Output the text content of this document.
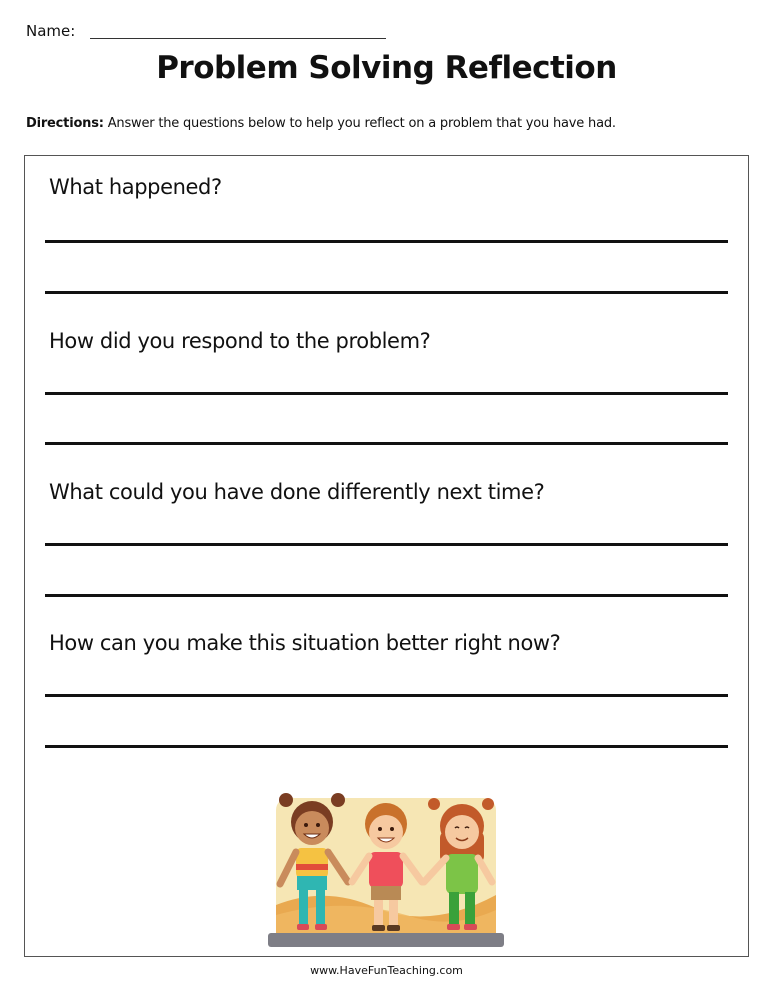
Name:
Problem Solving Reflection
Directions: Answer the questions below to help you reflect on a problem that you have had.
What happened?
How did you respond to the problem?
What could you have done differently next time?
How can you make this situation better right now?
www.HaveFunTeaching.com
